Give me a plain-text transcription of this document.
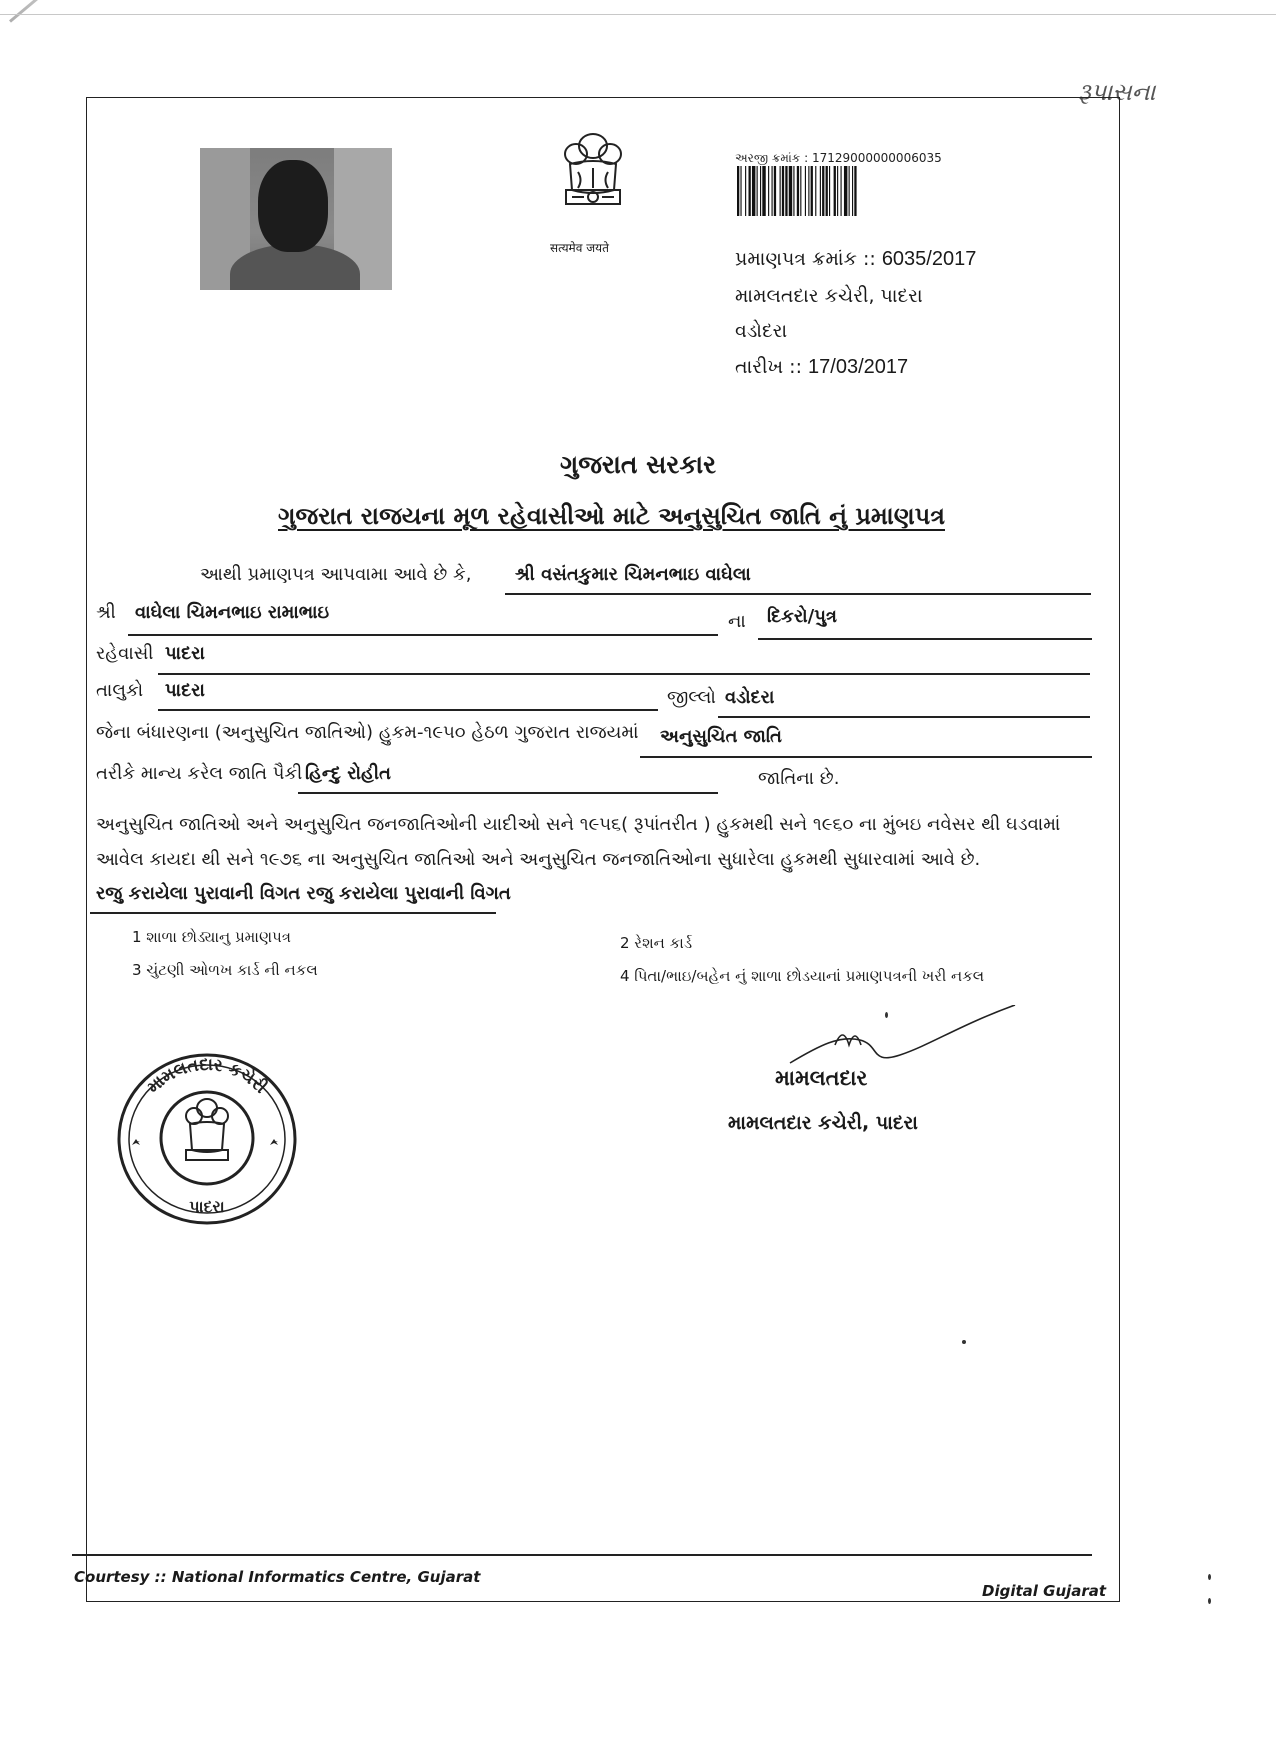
રૂપાસના
सत्यमेव जयते
અરજી ક્રમાંક : 17129000000006035
પ્રમાણપત્ર ક્રમાંક :: 6035/2017
મામલતદાર કચેરી, પાદરા
વડોદરા
તારીખ :: 17/03/2017
ગુજરાત સરકાર
ગુજરાત રાજયના મૂળ રહેવાસીઓ માટે અનુસુચિત જાતિ નું પ્રમાણપત્ર
આથી પ્રમાણપત્ર આપવામા આવે છે કે, શ્રી વસંતકુમાર ચિમનભાઇ વાઘેલા
શ્રી વાઘેલા ચિમનભાઇ રામાભાઇ	ના દિકરો/પુત્ર
રહેવાસી પાદરા
તાલુકો પાદરા	જીલ્લો વડોદરા
જેના બંધારણના (અનુસુચિત જાતિઓ) હુકમ-૧૯૫૦ હેઠળ ગુજરાત રાજયમાં અનુસુચિત જાતિ
તરીકે માન્ય કરેલ જાતિ પૈકી હિન્દુ રોહીત	જાતિના છે.
અનુસુચિત જાતિઓ અને અનુસુચિત જનજાતિઓની યાદીઓ સને ૧૯૫૬( રૂપાંતરીત ) હુકમથી સને ૧૯૬૦ ના મુંબઇ નવેસર થી ઘડવામાં
આવેલ કાયદા થી સને ૧૯૭૬ ના અનુસુચિત જાતિઓ અને અનુસુચિત જનજાતિઓના સુધારેલા હુકમથી સુધારવામાં આવે છે.
રજુ કરાયેલા પુરાવાની વિગત રજુ કરાયેલા પુરાવાની વિગત
1 શાળા છોડ્યાનુ પ્રમાણપત્ર	2 રેશન કાર્ડ
3 ચુંટણી ઓળખ કાર્ડ ની નકલ	4 પિતા/ભાઇ/બહેન નું શાળા છોડયાનાં પ્રમાણપત્રની ખરી નકલ
મામલતદાર કચેરી
પાદરા
મામલતદાર
મામલતદાર કચેરી, પાદરા
Courtesy :: National Informatics Centre, Gujarat
Digital Gujarat
